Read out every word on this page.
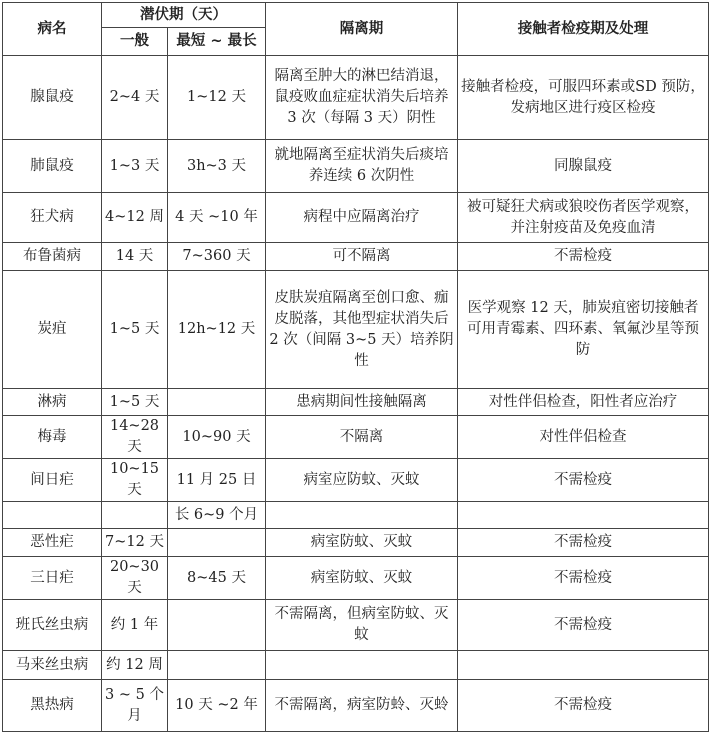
病名	潜伏期（天）		隔离期	接触者检疫期及处理
	一般	最短 ~ 最长		
腺鼠疫	2~4 天	1~12 天	隔离至肿大的淋巴结消退，鼠疫败血症症状消失后培养 3 次（每隔 3 天）阴性	接触者检疫，可服四环素或SD 预防，发病地区进行疫区检疫
肺鼠疫	1~3 天	3h~3 天	就地隔离至症状消失后痰培养连续 6 次阴性	同腺鼠疫
狂犬病	4~12 周	4 天 ~10 年	病程中应隔离治疗	被可疑狂犬病或狼咬伤者医学观察，并注射疫苗及免疫血清
布鲁菌病	14 天	7~360 天	可不隔离	不需检疫
炭疽	1~5 天	12h~12 天	皮肤炭疽隔离至创口愈、痂皮脱落，其他型症状消失后 2 次（间隔 3~5 天）培养阴性	医学观察 12 天，肺炭疽密切接触者可用青霉素、四环素、氧氟沙星等预防
淋病	1~5 天		患病期间性接触隔离	对性伴侣检查，阳性者应治疗
梅毒	14~28 天	10~90 天	不隔离	对性伴侣检查
间日疟	10~15 天	11 月 25 日	病室应防蚊、灭蚊	不需检疫
		长 6~9 个月		
恶性疟	7~12 天		病室防蚊、灭蚊	不需检疫
三日疟	20~30 天	8~45 天	病室防蚊、灭蚊	不需检疫
班氏丝虫病	约 1 年		不需隔离，但病室防蚊、灭蚊	不需检疫
马来丝虫病	约 12 周			
黑热病	3 ~ 5 个月	10 天 ~2 年	不需隔离，病室防蛉、灭蛉	不需检疫
